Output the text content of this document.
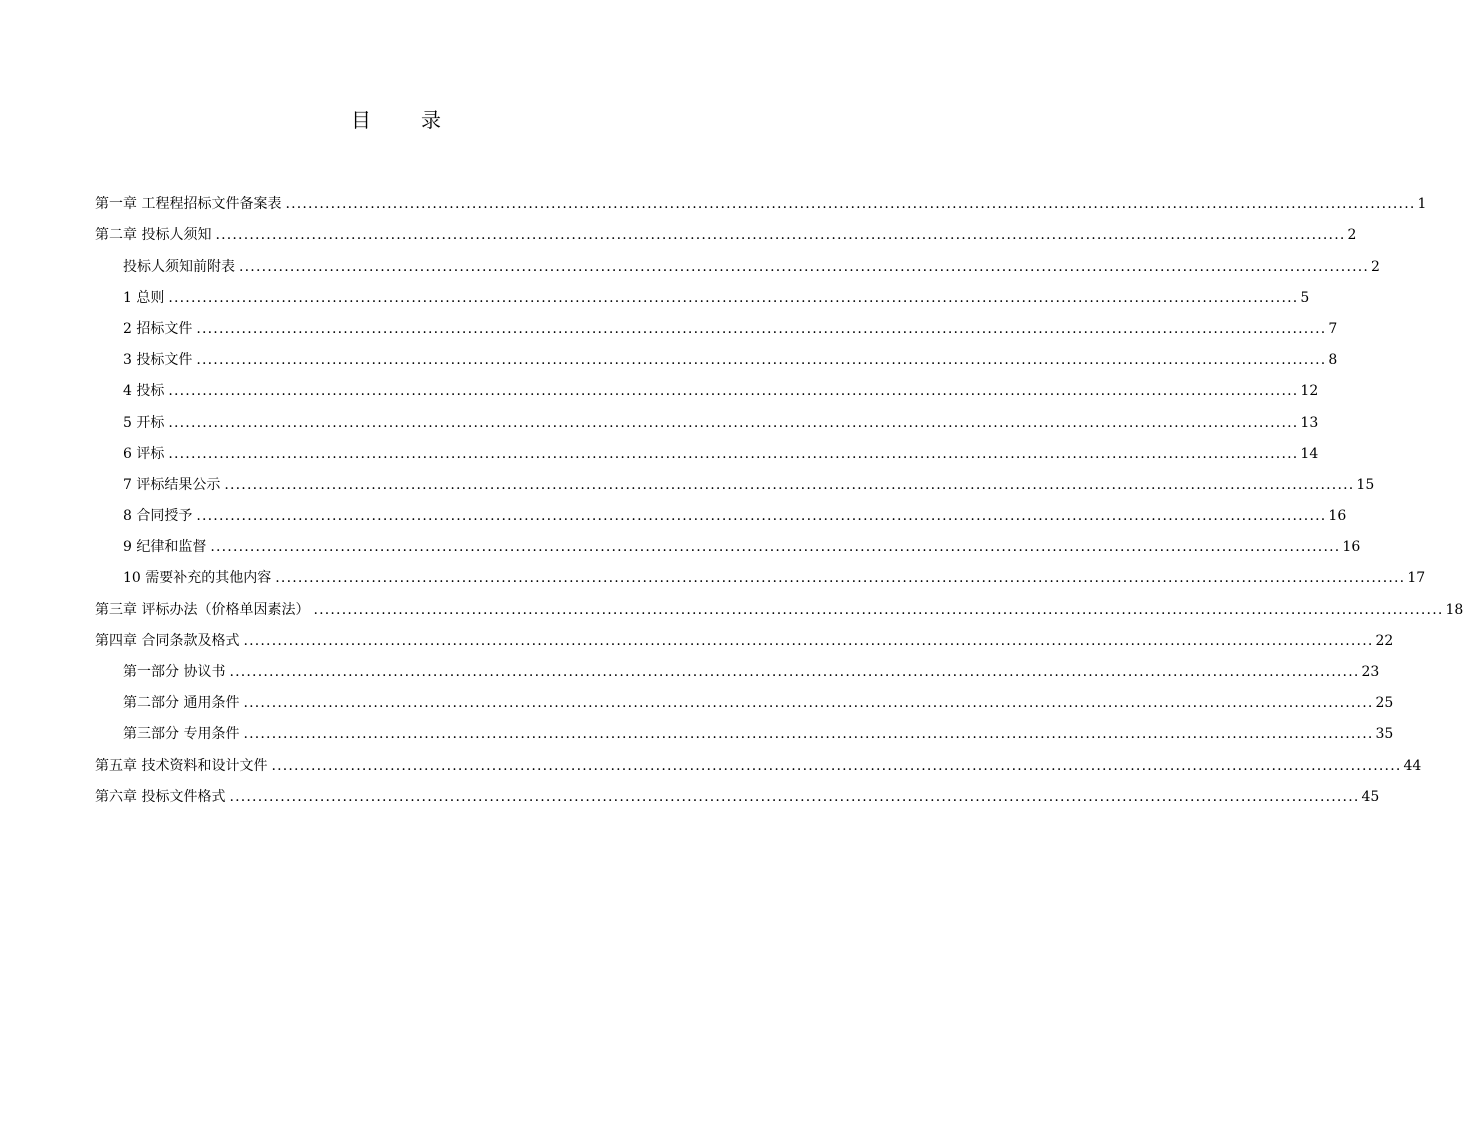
目 录
第一章 工程程招标文件备案表 ........................................................................................................................................................................................................ 1
第二章 投标人须知 ........................................................................................................................................................................................................ 2
投标人须知前附表 ........................................................................................................................................................................................................ 2
1 总则 ........................................................................................................................................................................................................ 5
2 招标文件 ........................................................................................................................................................................................................ 7
3 投标文件 ........................................................................................................................................................................................................ 8
4 投标 ........................................................................................................................................................................................................ 12
5 开标 ........................................................................................................................................................................................................ 13
6 评标 ........................................................................................................................................................................................................ 14
7 评标结果公示 ........................................................................................................................................................................................................ 15
8 合同授予 ........................................................................................................................................................................................................ 16
9 纪律和监督 ........................................................................................................................................................................................................ 16
10 需要补充的其他内容 ........................................................................................................................................................................................................ 17
第三章 评标办法（价格单因素法） ........................................................................................................................................................................................................ 18
第四章 合同条款及格式 ........................................................................................................................................................................................................ 22
第一部分 协议书 ........................................................................................................................................................................................................ 23
第二部分 通用条件 ........................................................................................................................................................................................................ 25
第三部分 专用条件 ........................................................................................................................................................................................................ 35
第五章 技术资料和设计文件 ........................................................................................................................................................................................................ 44
第六章 投标文件格式 ........................................................................................................................................................................................................ 45
